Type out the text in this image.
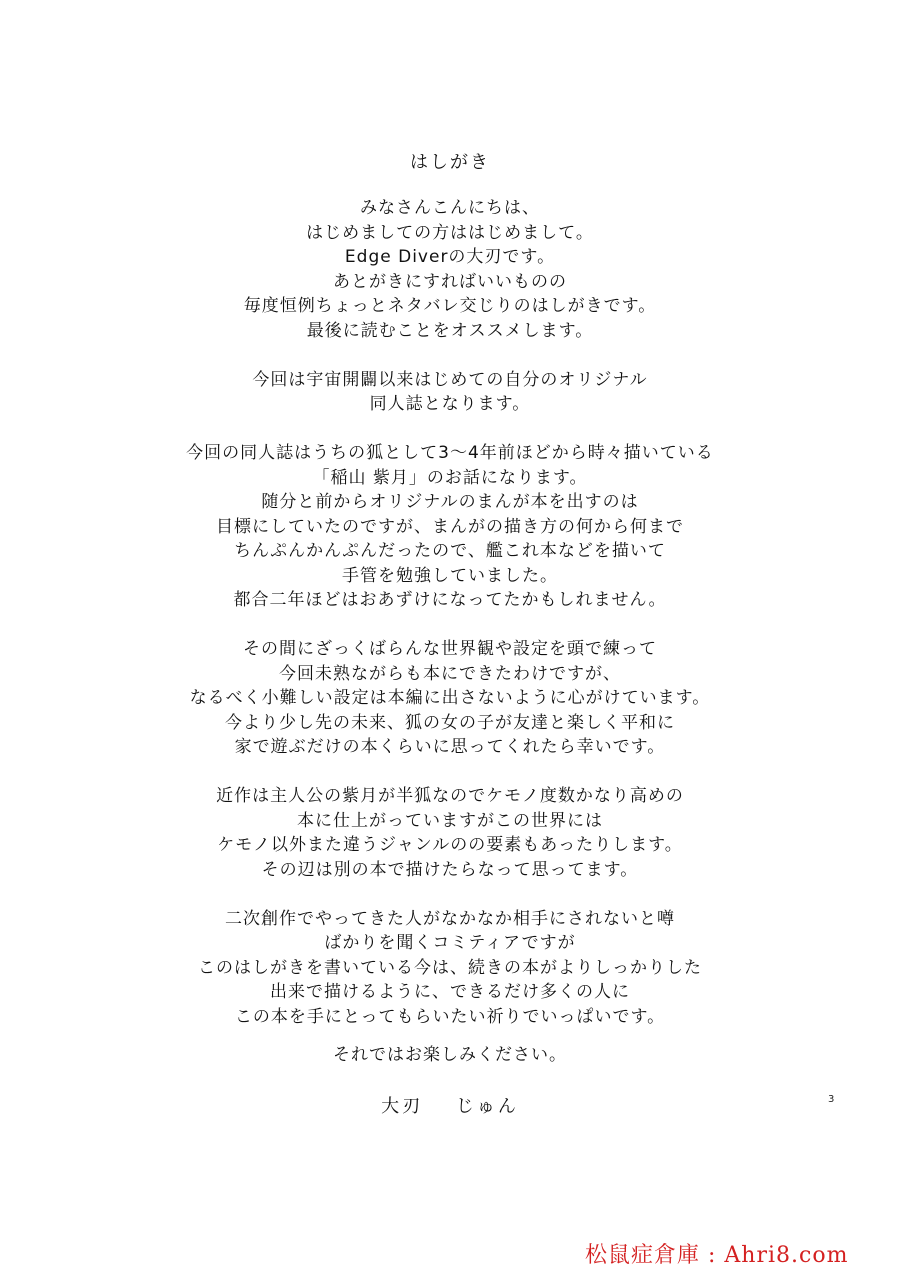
はしがき
みなさんこんにちは、
はじめましての方ははじめまして。
Edge Diverの大刃です。
あとがきにすればいいものの
毎度恒例ちょっとネタバレ交じりのはしがきです。
最後に読むことをオススメします。
今回は宇宙開闢以来はじめての自分のオリジナル
同人誌となります。
今回の同人誌はうちの狐として3〜4年前ほどから時々描いている
「稲山 紫月」のお話になります。
随分と前からオリジナルのまんが本を出すのは
目標にしていたのですが、まんがの描き方の何から何まで
ちんぷんかんぷんだったので、艦これ本などを描いて
手管を勉強していました。
都合二年ほどはおあずけになってたかもしれません。
その間にざっくばらんな世界観や設定を頭で練って
今回未熟ながらも本にできたわけですが、
なるべく小難しい設定は本編に出さないように心がけています。
今より少し先の未来、狐の女の子が友達と楽しく平和に
家で遊ぶだけの本くらいに思ってくれたら幸いです。
近作は主人公の紫月が半狐なのでケモノ度数かなり高めの
本に仕上がっていますがこの世界には
ケモノ以外また違うジャンルのの要素もあったりします。
その辺は別の本で描けたらなって思ってます。
二次創作でやってきた人がなかなか相手にされないと噂
ばかりを聞くコミティアですが
このはしがきを書いている今は、続きの本がよりしっかりした
出来で描けるように、できるだけ多くの人に
この本を手にとってもらいたい祈りでいっぱいです。
それではお楽しみください。
大刃 じゅん	3
松鼠症倉庫 : Ahri8.com
